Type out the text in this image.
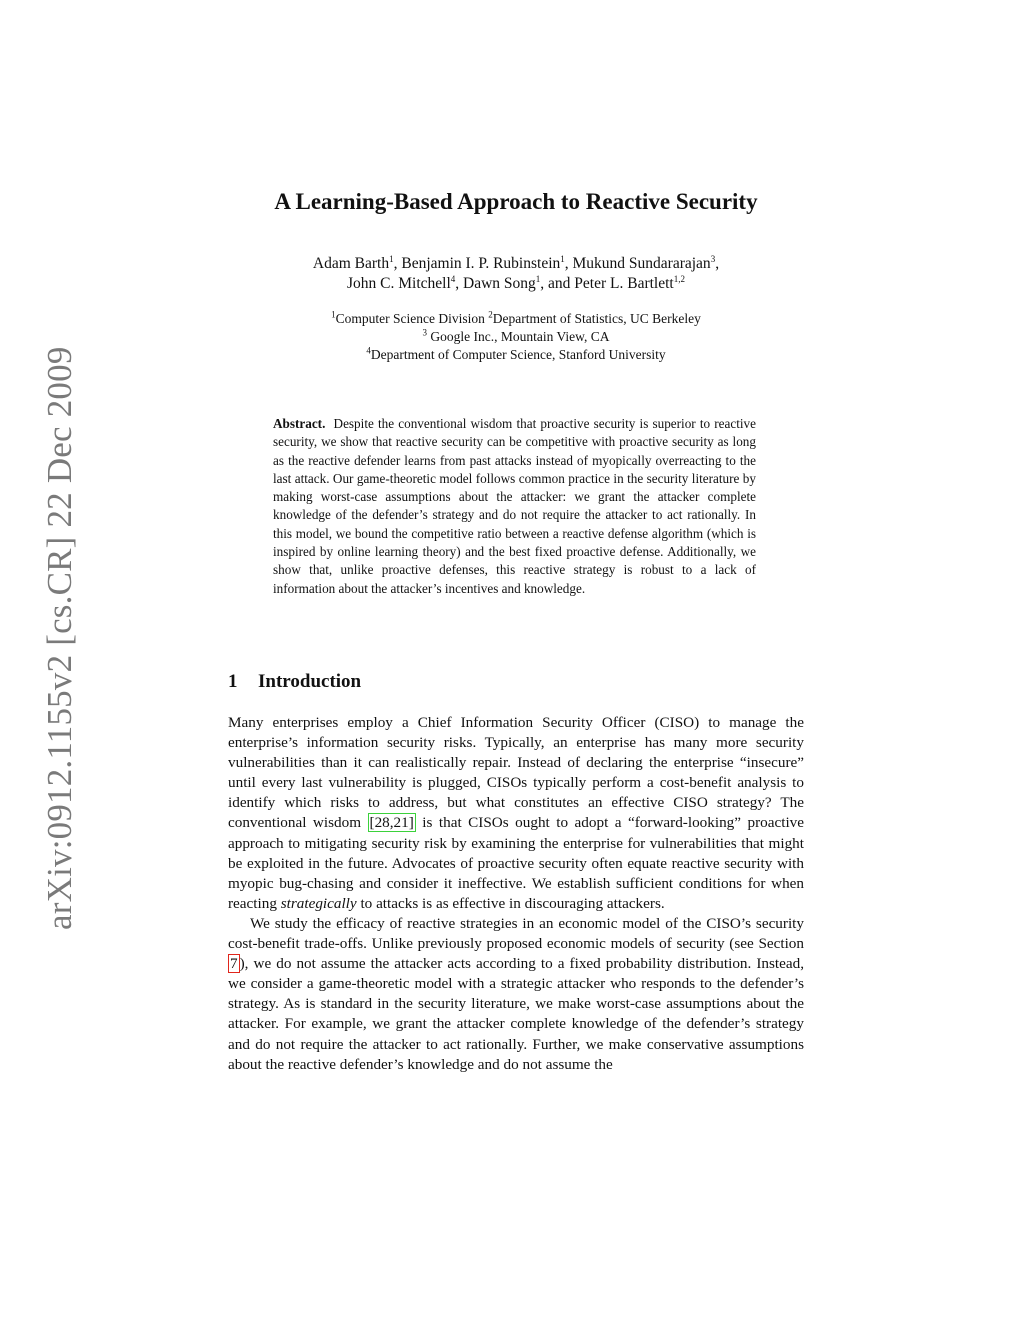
arXiv:0912.1155v2 [cs.CR] 22 Dec 2009
A Learning-Based Approach to Reactive Security
Adam Barth$^1$, Benjamin I. P. Rubinstein$^1$, Mukund Sundararajan$^3$,
John C. Mitchell$^4$, Dawn Song$^1$, and Peter L. Bartlett$^{1,2}$
$^1$Computer Science Division $^2$Department of Statistics, UC Berkeley
$^3$ Google Inc., Mountain View, CA
$^4$Department of Computer Science, Stanford University

Abstract. Despite the conventional wisdom that proactive security is superior to reactive security, we show that reactive security can be competitive with proactive security as long as the reactive defender learns from past attacks instead of myopically overreacting to the last attack. Our game-theoretic model follows common practice in the security literature by making worst-case assumptions about the attacker: we grant the attacker complete knowledge of the defender’s strategy and do not require the attacker to act rationally. In this model, we bound the competitive ratio between a reactive defense algorithm (which is inspired by online learning theory) and the best fixed proactive defense. Additionally, we show that, unlike proactive defenses, this reactive strategy is robust to a lack of information about the attacker’s incentives and knowledge.

1 Introduction

Many enterprises employ a Chief Information Security Officer (CISO) to manage the enterprise’s information security risks. Typically, an enterprise has many more security vulnerabilities than it can realistically repair. Instead of declaring the enterprise “insecure” until every last vulnerability is plugged, CISOs typically perform a cost-benefit analysis to identify which risks to address, but what constitutes an effective CISO strategy? The conventional wisdom [28,21] is that CISOs ought to adopt a “forward-looking” proactive approach to mitigating security risk by examining the enterprise for vulnerabilities that might be exploited in the future. Advocates of proactive security often equate reactive security with myopic bug-chasing and consider it ineffective. We establish sufficient conditions for when reacting strategically to attacks is as effective in discouraging attackers.

We study the efficacy of reactive strategies in an economic model of the CISO’s security cost-benefit trade-offs. Unlike previously proposed economic models of security (see Section 7 ), we do not assume the attacker acts according to a fixed probability distribution. Instead, we consider a game-theoretic model with a strategic attacker who responds to the defender’s strategy. As is standard in the security literature, we make worst-case assumptions about the attacker. For example, we grant the attacker complete knowledge of the defender’s strategy and do not require the attacker to act rationally. Further, we make conservative assumptions about the reactive defender’s knowledge and do not assume the
